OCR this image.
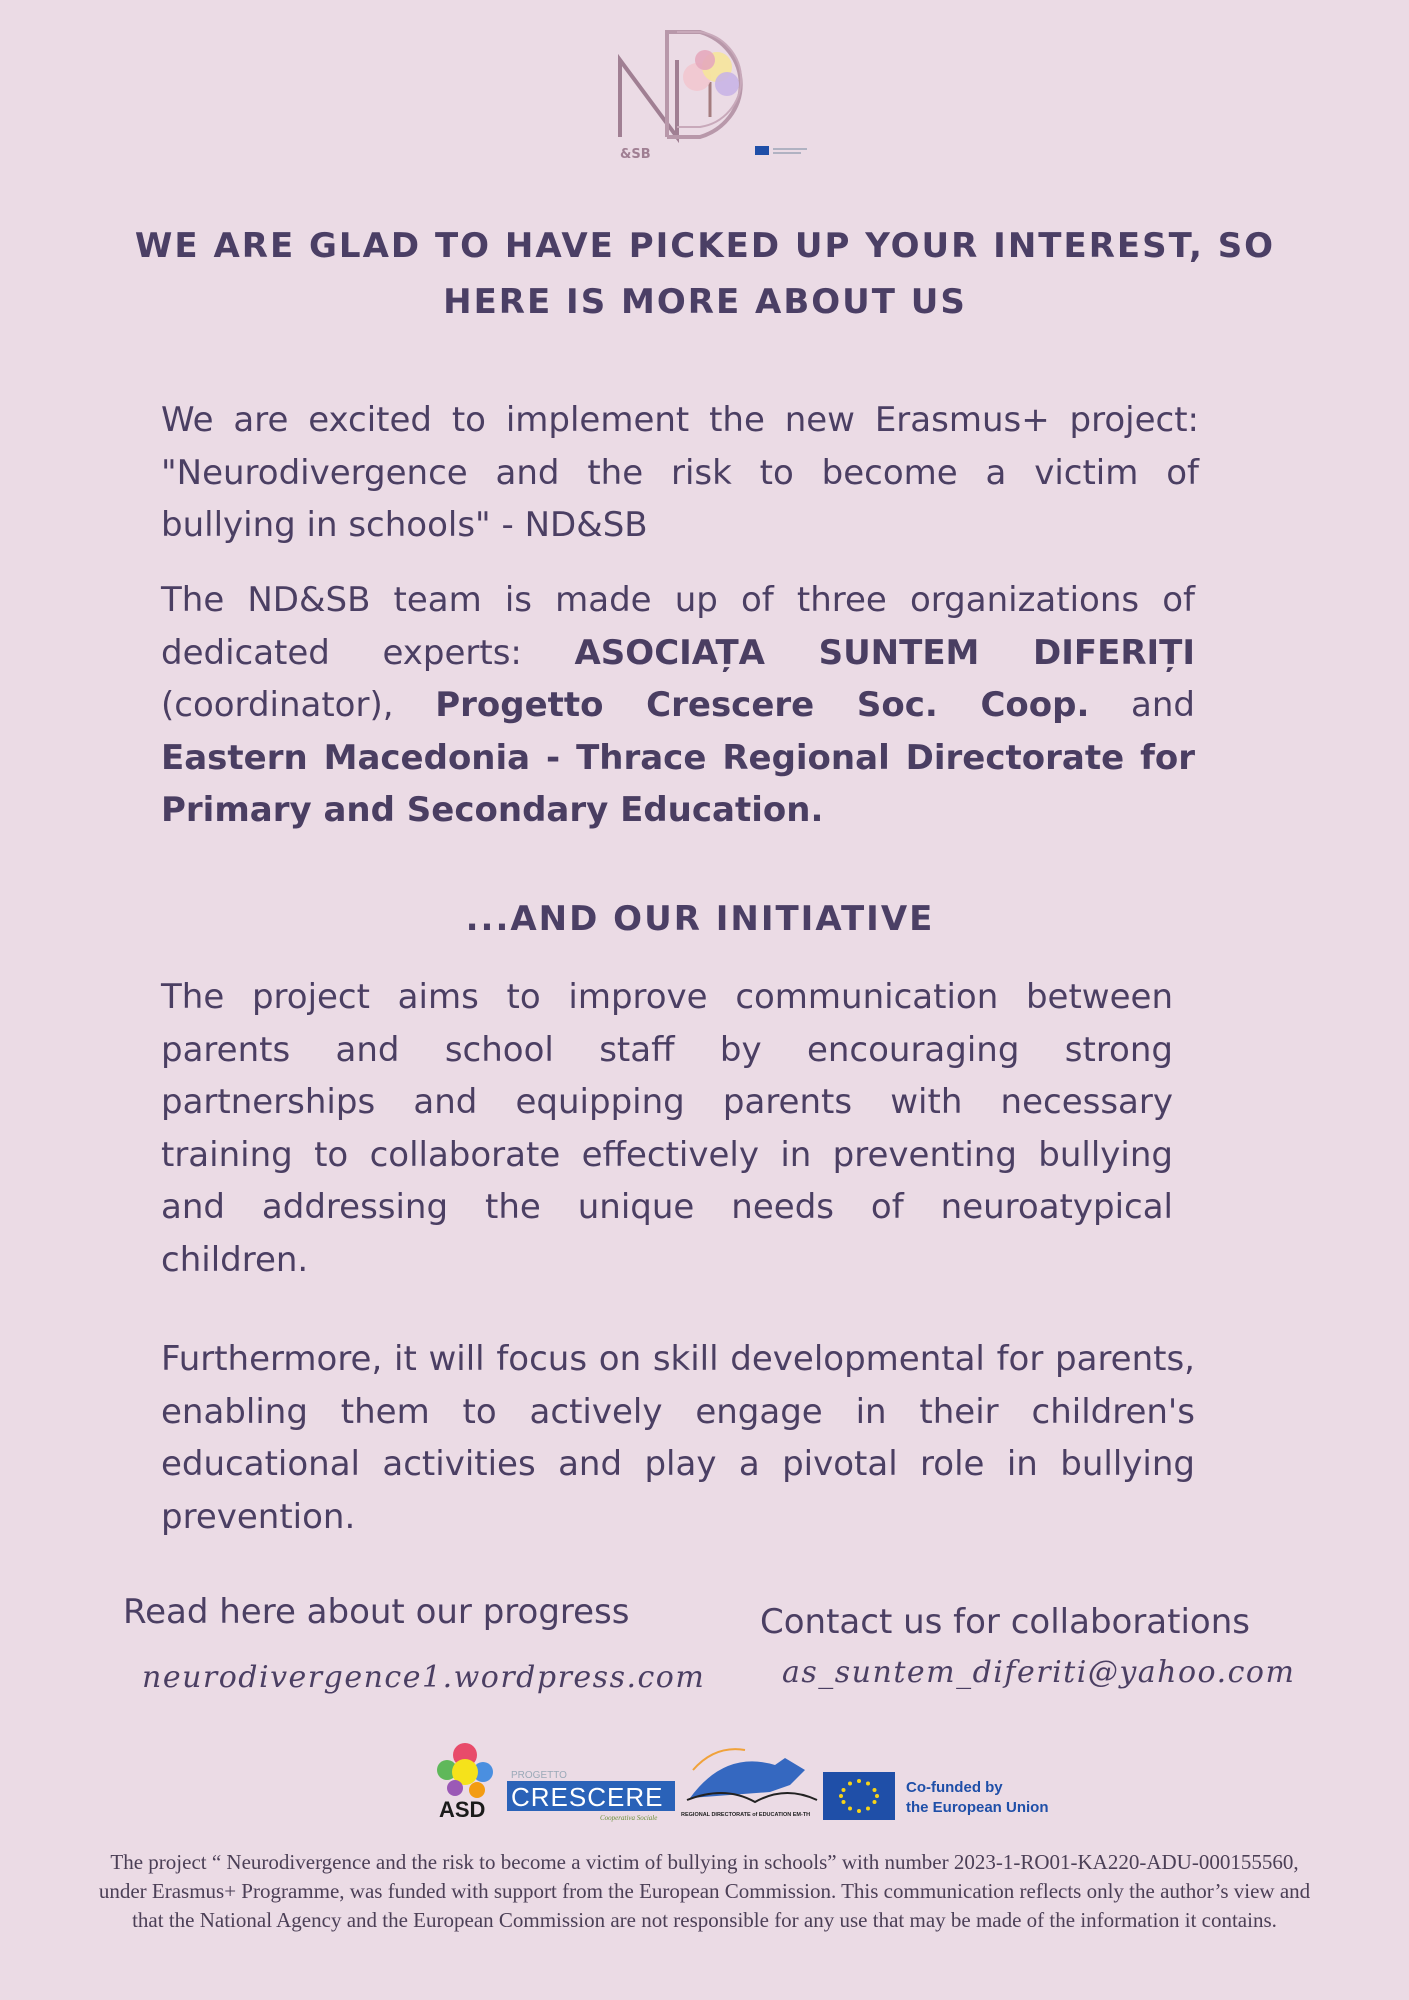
&SB
WE ARE GLAD TO HAVE PICKED UP YOUR INTEREST, SO HERE IS MORE ABOUT US

We are excited to implement the new Erasmus+ project: "Neurodivergence and the risk to become a victim of bullying in schools" - ND&SB

The ND&SB team is made up of three organizations of dedicated experts: ASOCIAȚA SUNTEM DIFERIȚI (coordinator), Progetto Crescere Soc. Coop. and Eastern Macedonia - Thrace Regional Directorate for Primary and Secondary Education.

...AND OUR INITIATIVE

The project aims to improve communication between parents and school staff by encouraging strong partnerships and equipping parents with necessary training to collaborate effectively in preventing bullying and addressing the unique needs of neuroatypical children.

Furthermore, it will focus on skill developmental for parents, enabling them to actively engage in their children's educational activities and play a pivotal role in bullying prevention.

Read here about our progress

neurodivergence1.wordpress.com

Contact us for collaborations

as_suntem_diferiti@yahoo.com
ASD
PROGETTO
CRESCERE
Cooperativa Sociale	REGIONAL DIRECTORATE of EDUCATION EM-TH
Co-funded by
the European Union

The project “ Neurodivergence and the risk to become a victim of bullying in schools” with number 2023-1-RO01-KA220-ADU-000155560, under Erasmus+ Programme, was funded with support from the European Commission. This communication reflects only the author’s view and that the National Agency and the European Commission are not responsible for any use that may be made of the information it contains.
